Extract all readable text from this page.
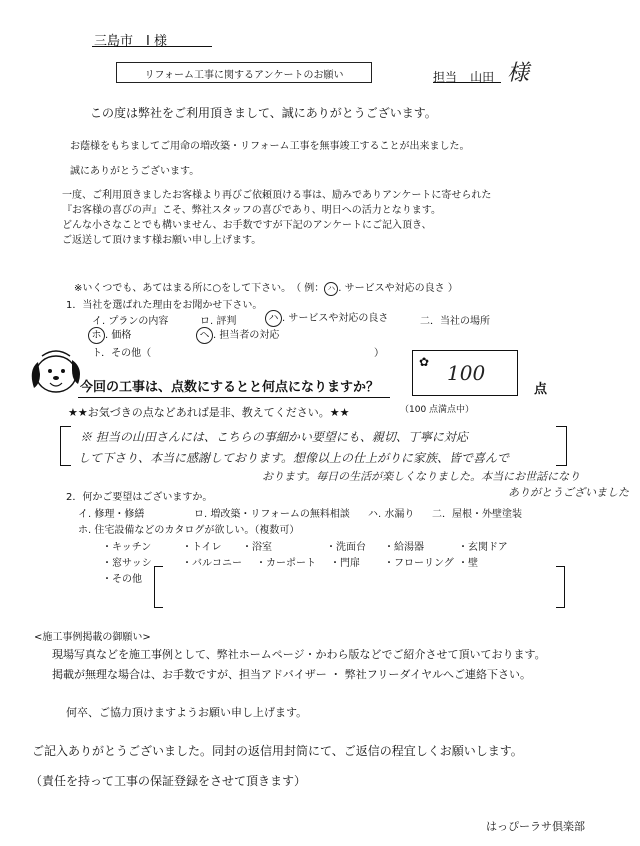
三島市　I 様
リフォーム工事に関するアンケートのお願い	担当 山田 様
この度は弊社をご利用頂きまして、誠にありがとうございます。
お蔭様をもちましてご用命の増改築・リフォーム工事を無事竣工することが出来ました。
誠にありがとうございます。
一度、ご利用頂きましたお客様より再びご依頼頂ける事は、励みでありアンケートに寄せられた
『お客様の喜びの声』こそ、弊社スタッフの喜びであり、明日への活力となります。
どんな小さなことでも構いません、お手数ですが下記のアンケートにご記入頂き、
ご返送して頂けます様お願い申し上げます。
※いくつでも、あてはまる所に○をして下さい。　（ 例： ハ . サービスや対応の良さ ）
1．当社を選ばれた理由をお聞かせ下さい。
イ. プランの内容	ロ. 評判	ハ . サービスや対応の良さ	二．当社の場所
ホ . 価格	ヘ . 担当者の対応
ト．その他（	）
今回の工事は、点数にするとと何点になりますか？
✿ 100
点
（100 点満点中）
★★お気づきの点などあれば是非、教えてください。★★
※ 担当の山田さんには、こちらの事細かい要望にも、親切、丁寧に対応
して下さり、本当に感謝しております。想像以上の仕上がりに家族、皆で喜んで
おります。毎日の生活が楽しくなりました。本当にお世話になり
ありがとうございました
2．何かご要望はございますか。
イ. 修理・修繕	ロ. 増改築・リフォームの無料相談 ハ. 水漏り 二．屋根・外壁塗装
ホ. 住宅設備などのカタログが欲しい。（複数可）
・キッチン	・トイレ ・浴室	・洗面台 ・給湯器	・玄関ドア
・窓サッシ	・バルコニー ・カーポート ・門扉 ・フローリング ・壁
・その他
<施工事例掲載の御願い>
現場写真などを施工事例として、弊社ホームページ・かわら版などでご紹介させて頂いております。
掲載が無理な場合は、お手数ですが、担当アドバイザー ・ 弊社フリーダイヤルへご連絡下さい。
何卒、ご協力頂けますようお願い申し上げます。
ご記入ありがとうございました。同封の返信用封筒にて、ご返信の程宜しくお願いします。
（責任を持って工事の保証登録をさせて頂きます）
はっぴーラサ倶楽部
